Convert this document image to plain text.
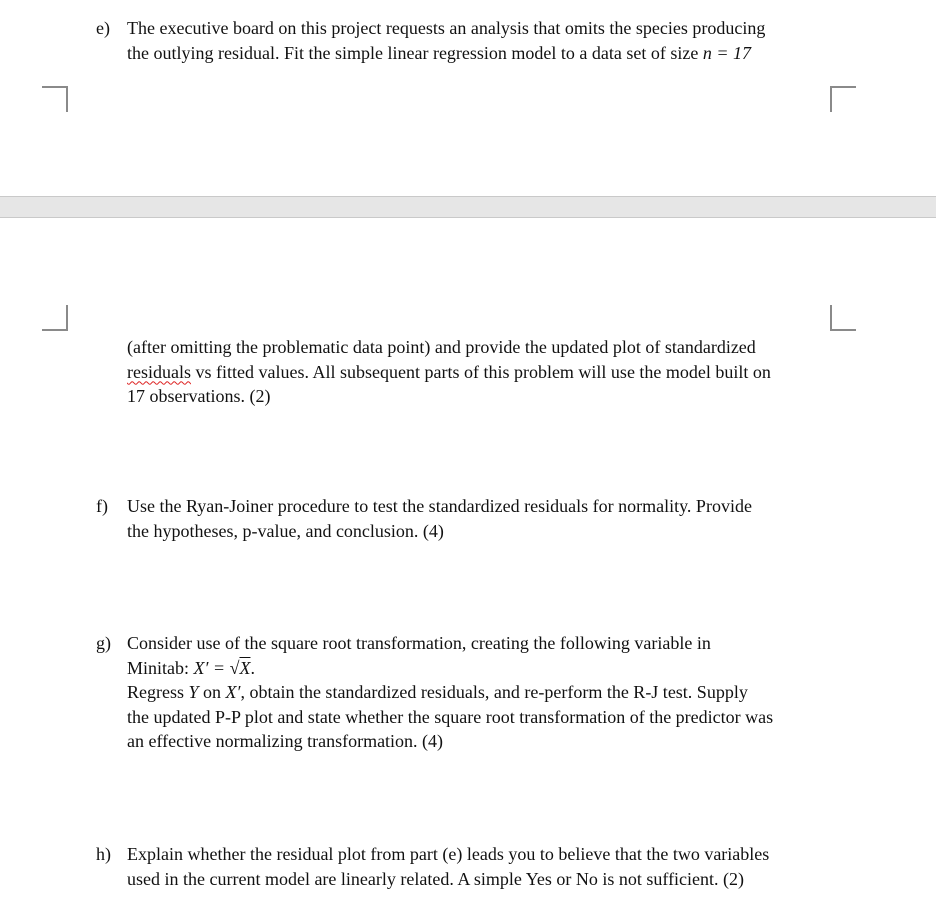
e) The executive board on this project requests an analysis that omits the species producing
the outlying residual. Fit the simple linear regression model to a data set of size n = 17
(after omitting the problematic data point) and provide the updated plot of standardized
residuals vs fitted values. All subsequent parts of this problem will use the model built on
17 observations. (2)
f)	Use the Ryan-Joiner procedure to test the standardized residuals for normality. Provide
the hypotheses, p-value, and conclusion. (4)
g) Consider use of the square root transformation, creating the following variable in
Minitab: X′ = √X.
Regress Y on X′, obtain the standardized residuals, and re-perform the R-J test. Supply
the updated P-P plot and state whether the square root transformation of the predictor was
an effective normalizing transformation. (4)
h) Explain whether the residual plot from part (e) leads you to believe that the two variables
used in the current model are linearly related. A simple Yes or No is not sufficient. (2)
